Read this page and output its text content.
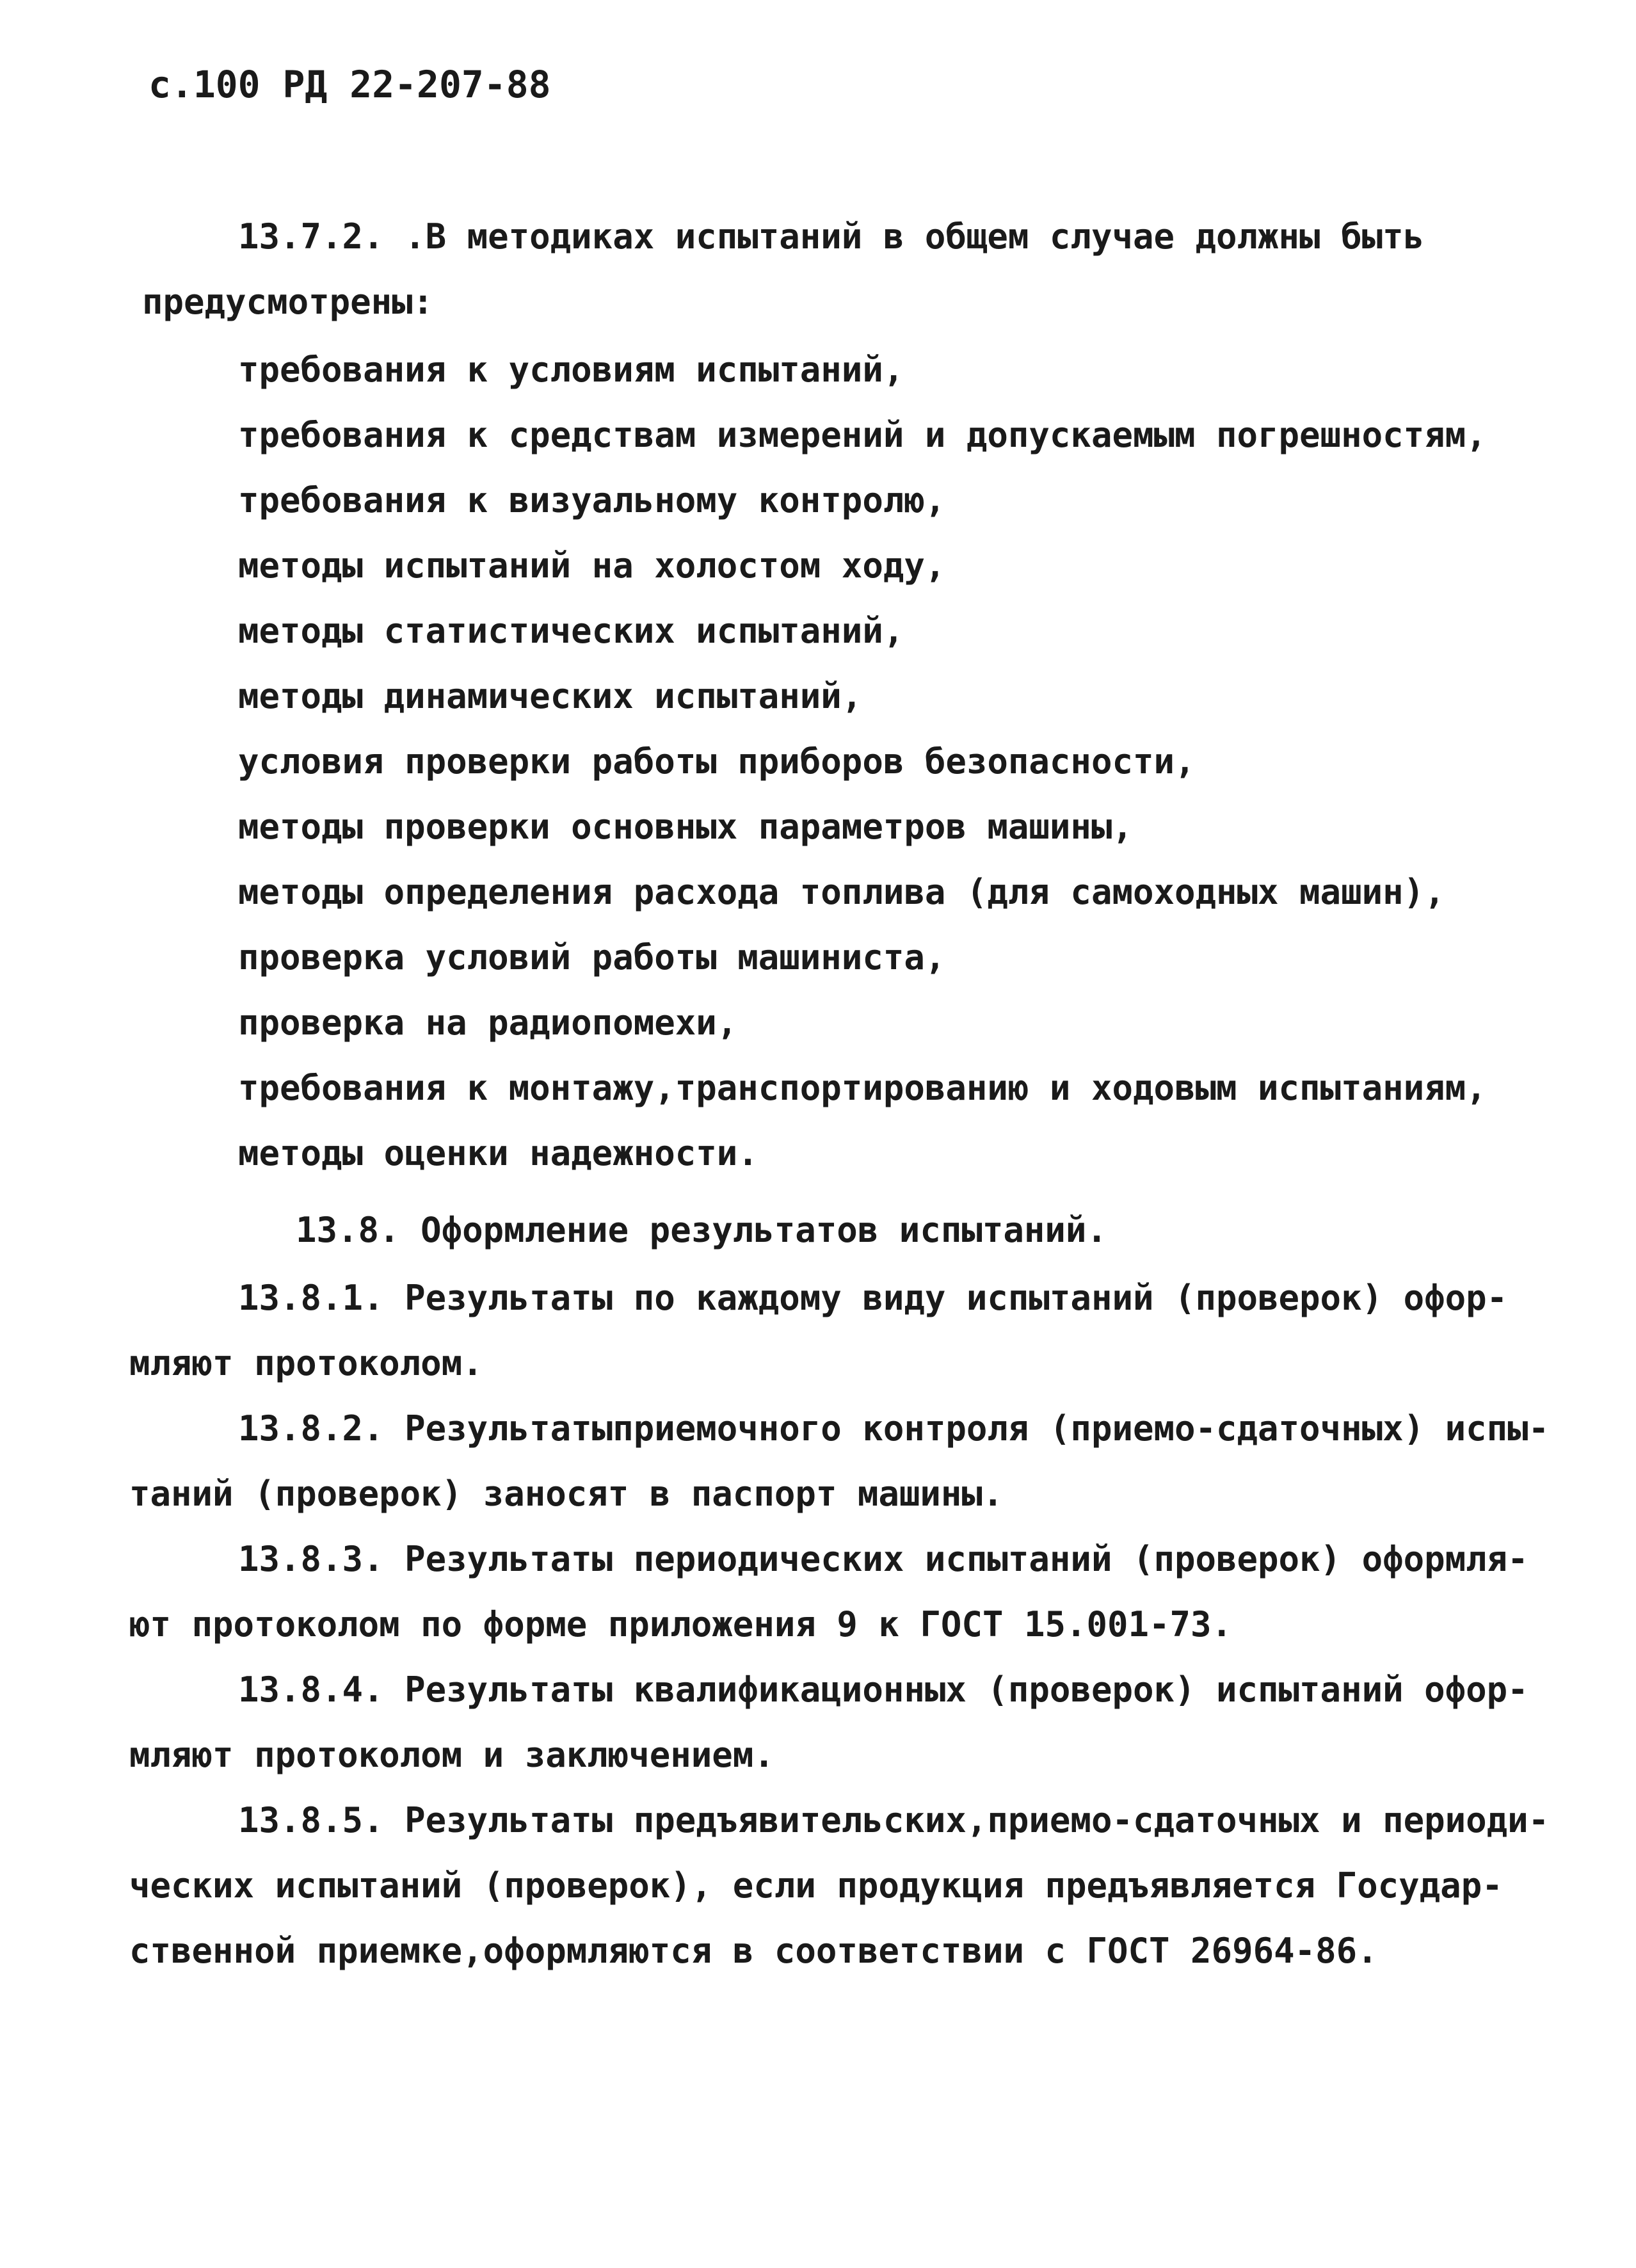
с.100 РД 22-207-88
13.7.2. .В методиках испытаний в общем случае должны быть
предусмотрены:
требования к условиям испытаний,
требования к средствам измерений и допускаемым погрешностям,
требования к визуальному контролю,
методы испытаний на холостом ходу,
методы статистических испытаний,
методы динамических испытаний,
условия проверки работы приборов безопасности,
методы проверки основных параметров машины,
методы определения расхода топлива (для самоходных машин),
проверка условий работы машиниста,
проверка на радиопомехи,
требования к монтажу,транспортированию и ходовым испытаниям,
методы оценки надежности.
13.8. Оформление результатов испытаний.
13.8.1. Результаты по каждому виду испытаний (проверок) офор-
мляют протоколом.
13.8.2. Результатыприемочного контроля (приемо-сдаточных) испы-
таний (проверок) заносят в паспорт машины.
13.8.3. Результаты периодических испытаний (проверок) оформля-
ют протоколом по форме приложения 9 к ГОСТ 15.001-73.
13.8.4. Результаты квалификационных (проверок) испытаний офор-
мляют протоколом и заключением.
13.8.5. Результаты предъявительских,приемо-сдаточных и периоди-
ческих испытаний (проверок), если продукция предъявляется Государ-
ственной приемке,оформляются в соответствии с ГОСТ 26964-86.
